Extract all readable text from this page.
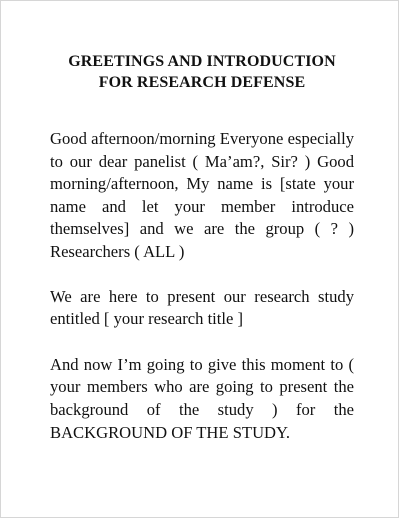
GREETINGS AND INTRODUCTION
FOR RESEARCH DEFENSE

Good afternoon/morning Everyone especially to our dear panelist ( Ma’am?, Sir? ) Good morning/afternoon, My name is [state your name and let your member introduce themselves] and we are the group ( ? ) Researchers ( ALL )

We are here to present our research study entitled [ your research title ]

And now I’m going to give this moment to ( your members who are going to present the background of the study ) for the BACKGROUND OF THE STUDY.
